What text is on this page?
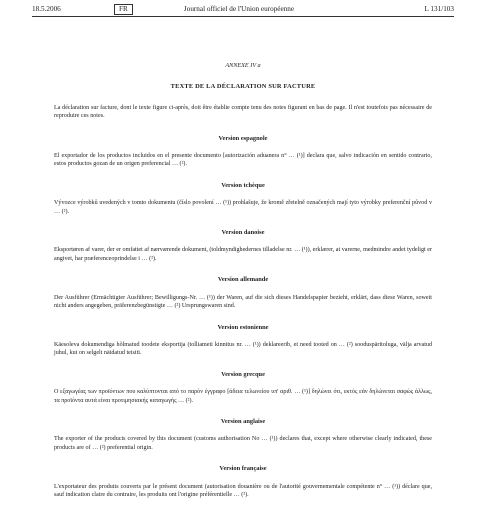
18.5.2006	FR	Journal officiel de l'Union européenne	L 131/103
ANNEXE IV a
TEXTE DE LA DÉCLARATION SUR FACTURE

La déclaration sur facture, dont le texte figure ci-après, doit être établie compte tenu des notes figurant en bas de page. Il n'est toutefois pas nécessaire de reproduire ces notes.

Version espagnole

El exportador de los productos incluidos en el presente documento [autorización aduanera n° … (¹)] declara que, salvo indicación en sentido contrario, estos productos gozan de un origen preferencial … (²).

Version tchèque

Vývozce výrobků uvedených v tomto dokumentu (číslo povolení … (¹)) prohlašuje, že kromě zřetelně označených mají tyto výrobky preferenční původ v … (²).

Version danoise

Eksportøren af varer, der er omfattet af nærværende dokument, (toldmyndighedernes tilladelse nr. … (¹)), erklærer, at varerne, medmindre andet tydeligt er angivet, har præferenceoprindelse i … (²).

Version allemande

Der Ausführer (Ermächtigter Ausführer; Bewilligungs-Nr. … (¹)) der Waren, auf die sich dieses Handelspapier bezieht, erklärt, dass diese Waren, soweit nicht anders angegeben, präferenzbegünstigte … (²) Ursprungswaren sind.

Version estonienne

Käesoleva dokumendiga hõlmatud toodete eksportija (tolliameti kinnitus nr. … (¹)) deklareerib, et need tooted on … (²) sooduspäritoluga, välja arvatud juhul, kui on selgelt näidatud teisiti.

Version grecque

Ο εξαγωγέας των προϊόντων που καλύπτονται από το παρόν έγγραφο [άδεια τελωνείου υπ' αριθ. … (¹)] δηλώνει ότι, εκτός εάν δηλώνεται σαφώς άλλως, τα προϊόντα αυτά είναι προτιμησιακής καταγωγής … (²).

Version anglaise

The exporter of the products covered by this document (customs authorisation No … (¹)) declares that, except where otherwise clearly indicated, these products are of … (²) preferential origin.

Version française

L'exportateur des produits couverts par le présent document (autorisation douanière ou de l'autorité gouvernementale compétente n° … (¹)) déclare que, sauf indication claire du contraire, les produits ont l'origine préférentielle … (²).
